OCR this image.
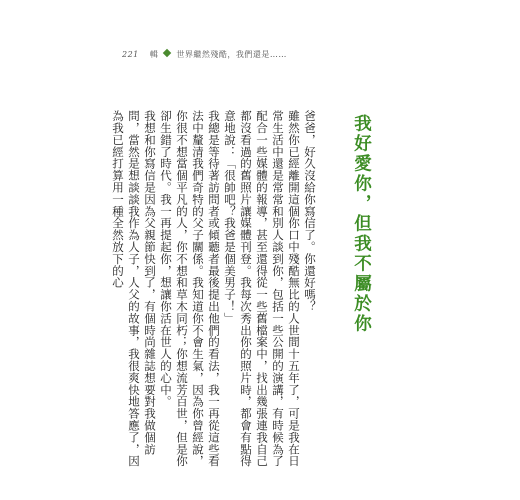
221 輯 世界繼然殘酷，我們還是……
我好愛你，但我不屬於你

爸爸，好久沒給你寫信了。你還好嗎？

雖然你已經離開這個你口中殘酷無比的人世間十五年了，可是我在日常生活中還是常常和別人談到你，包括一些公開的演講，有時候為了配合一些媒體的報導，甚至還得從一些舊檔案中，找出幾張連我自己都沒看過的舊照片讓媒體刊登。我每次秀出你的照片時，都會有點得意地說：「很帥吧？我爸是個美男子！」

我總是等待著訪問者或傾聽者最後提出他們的看法，我一再從這些看法中釐清我們奇特的父子關係。我知道你不會生氣，因為你曾經說，你很不想當個平凡的人，你不想和草木同朽；你想流芳百世，但是你卻生錯了時代。我一再提起你，想讓你活在世人的心中。

我想和你寫信是因為父親節快到了，有個時尚雜誌想要對我做個訪問，當然是想談談我作為人子，人父的故事，我很爽快地答應了，因為我已經打算用一種全然放下的心
